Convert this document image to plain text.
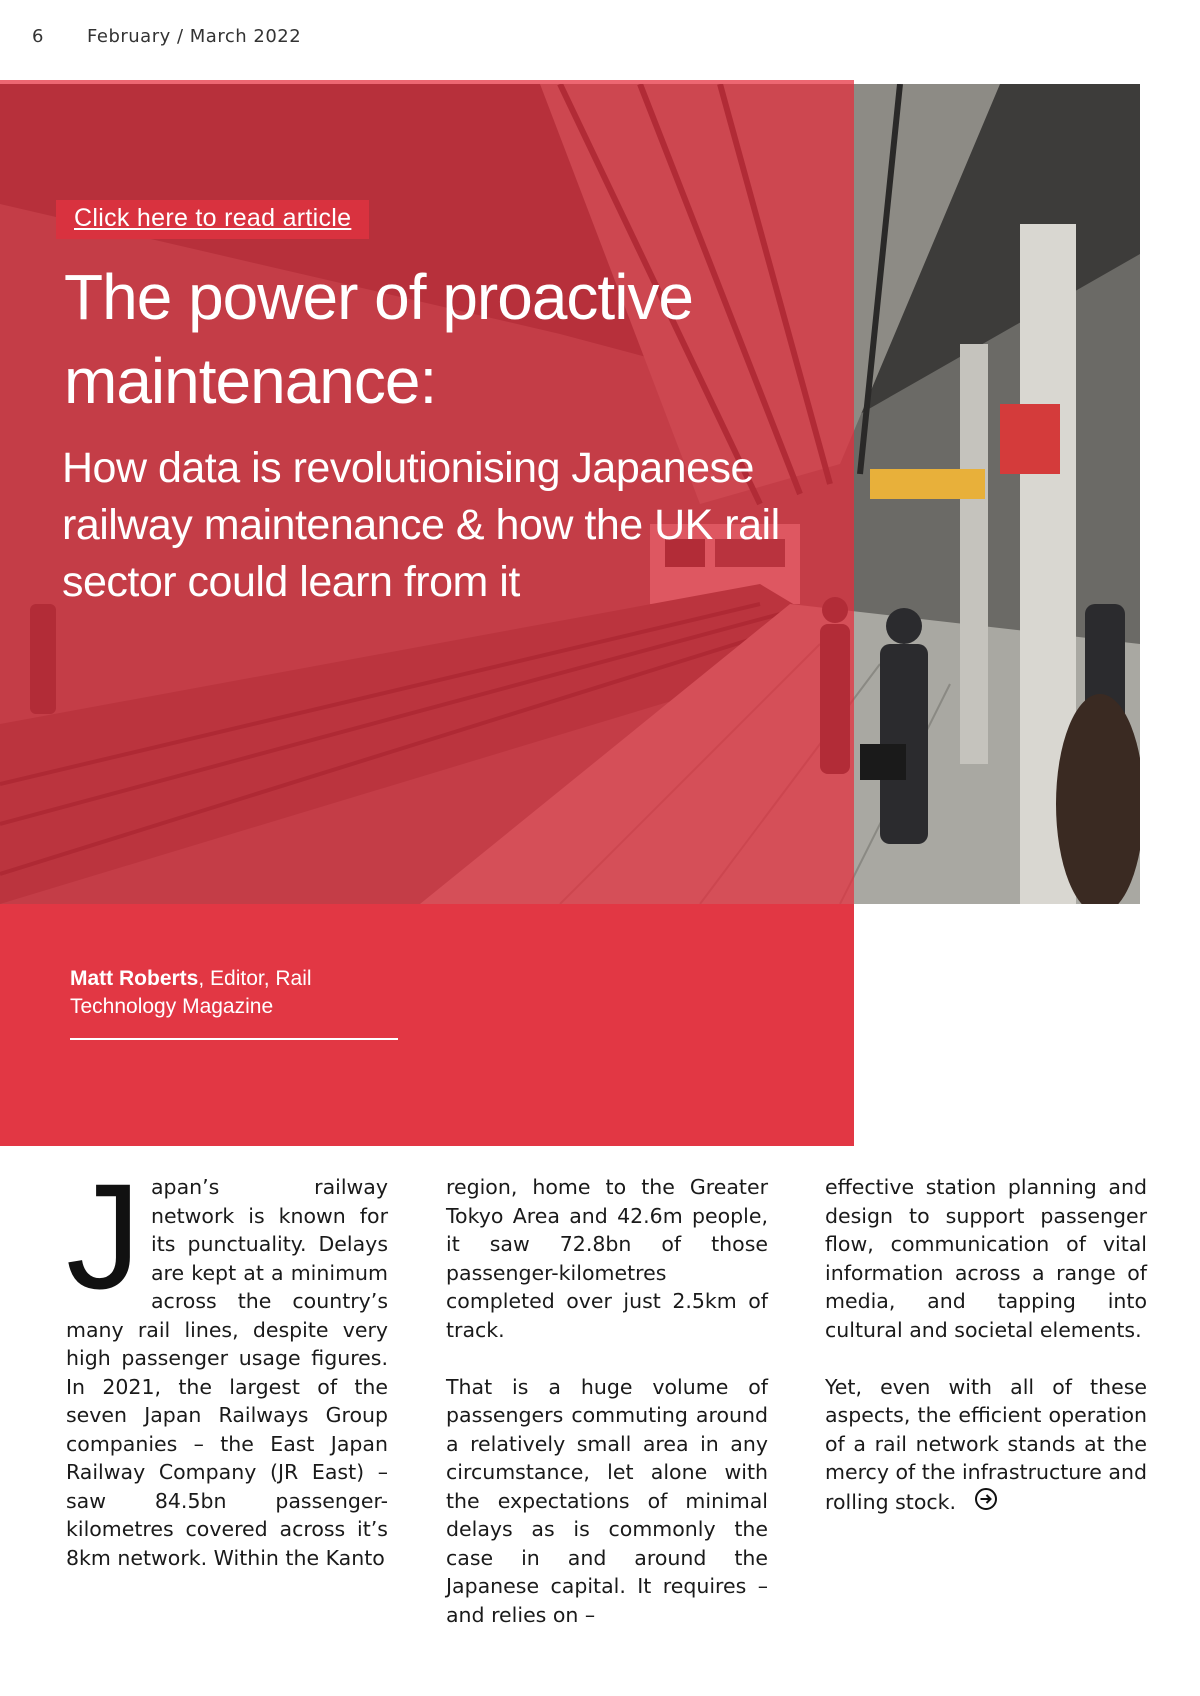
6 February / March 2022
Click here to read article
The power of proactive maintenance:
How data is revolutionising Japanese railway maintenance & how the UK rail sector could learn from it
Matt Roberts, Editor, Rail Technology Magazine
Japan’s railway network is known for its punctuality. Delays are kept at a minimum across the country’s many rail lines, despite very high passenger usage figures. In 2021, the largest of the seven Japan Railways Group companies – the East Japan Railway Company (JR East) – saw 84.5bn passenger-kilometres covered across it’s 8km network. Within the Kanto

region, home to the Greater Tokyo Area and 42.6m people, it saw 72.8bn of those passenger-kilometres completed over just 2.5km of track.

That is a huge volume of passengers commuting around a relatively small area in any circumstance, let alone with the expectations of minimal delays as is commonly the case in and around the Japanese capital. It requires – and relies on –

effective station planning and design to support passenger flow, communication of vital information across a range of media, and tapping into cultural and societal elements.

Yet, even with all of these aspects, the efficient operation of a rail network stands at the mercy of the infrastructure and rolling stock.
